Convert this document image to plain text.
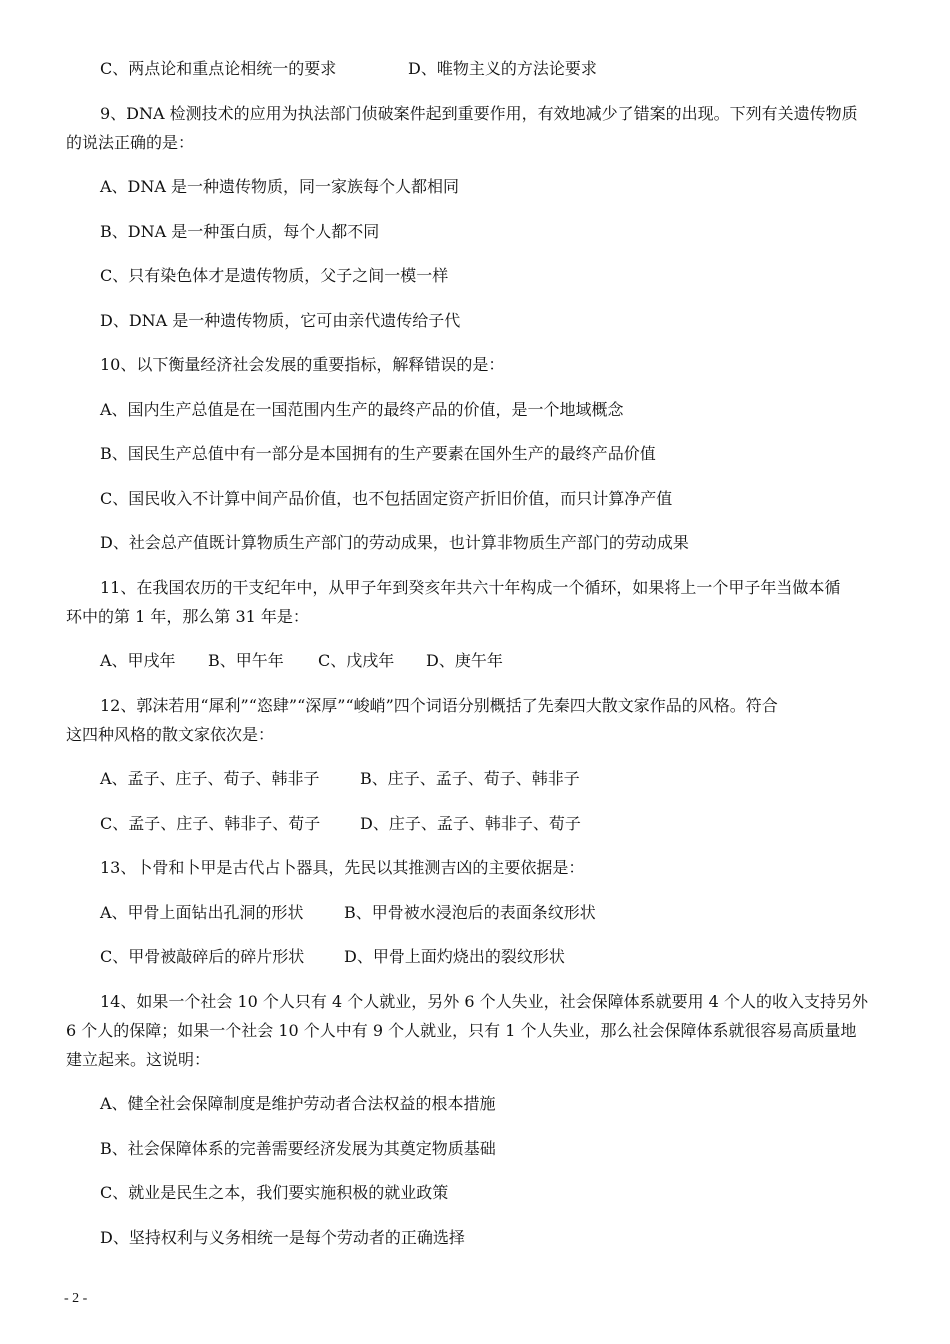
C、两点论和重点论相统一的要求	D、唯物主义的方法论要求
9、DNA 检测技术的应用为执法部门侦破案件起到重要作用，有效地减少了错案的出现。下列有关遗传物质
的说法正确的是：
A、DNA 是一种遗传物质，同一家族每个人都相同
B、DNA 是一种蛋白质，每个人都不同
C、只有染色体才是遗传物质，父子之间一模一样
D、DNA 是一种遗传物质，它可由亲代遗传给子代
10、以下衡量经济社会发展的重要指标，解释错误的是：
A、国内生产总值是在一国范围内生产的最终产品的价值，是一个地域概念
B、国民生产总值中有一部分是本国拥有的生产要素在国外生产的最终产品价值
C、国民收入不计算中间产品价值，也不包括固定资产折旧价值，而只计算净产值
D、社会总产值既计算物质生产部门的劳动成果，也计算非物质生产部门的劳动成果
11、在我国农历的干支纪年中，从甲子年到癸亥年共六十年构成一个循环，如果将上一个甲子年当做本循
环中的第 1 年，那么第 31 年是：
A、甲戌年 B、甲午年 C、戊戌年 D、庚午年
12、郭沫若用“犀利”“恣肆”“深厚”“峻峭”四个词语分别概括了先秦四大散文家作品的风格。符合
这四种风格的散文家依次是：
A、孟子、庄子、荀子、韩非子	B、庄子、孟子、荀子、韩非子
C、孟子、庄子、韩非子、荀子 D、庄子、孟子、韩非子、荀子
13、卜骨和卜甲是古代占卜器具，先民以其推测吉凶的主要依据是：
A、甲骨上面钻出孔洞的形状	B、甲骨被水浸泡后的表面条纹形状
C、甲骨被敲碎后的碎片形状 D、甲骨上面灼烧出的裂纹形状
14、如果一个社会 10 个人只有 4 个人就业，另外 6 个人失业，社会保障体系就要用 4 个人的收入支持另外
6 个人的保障；如果一个社会 10 个人中有 9 个人就业，只有 1 个人失业，那么社会保障体系就很容易高质量地
建立起来。这说明：
A、健全社会保障制度是维护劳动者合法权益的根本措施
B、社会保障体系的完善需要经济发展为其奠定物质基础
C、就业是民生之本，我们要实施积极的就业政策
D、坚持权利与义务相统一是每个劳动者的正确选择
- 2 -
